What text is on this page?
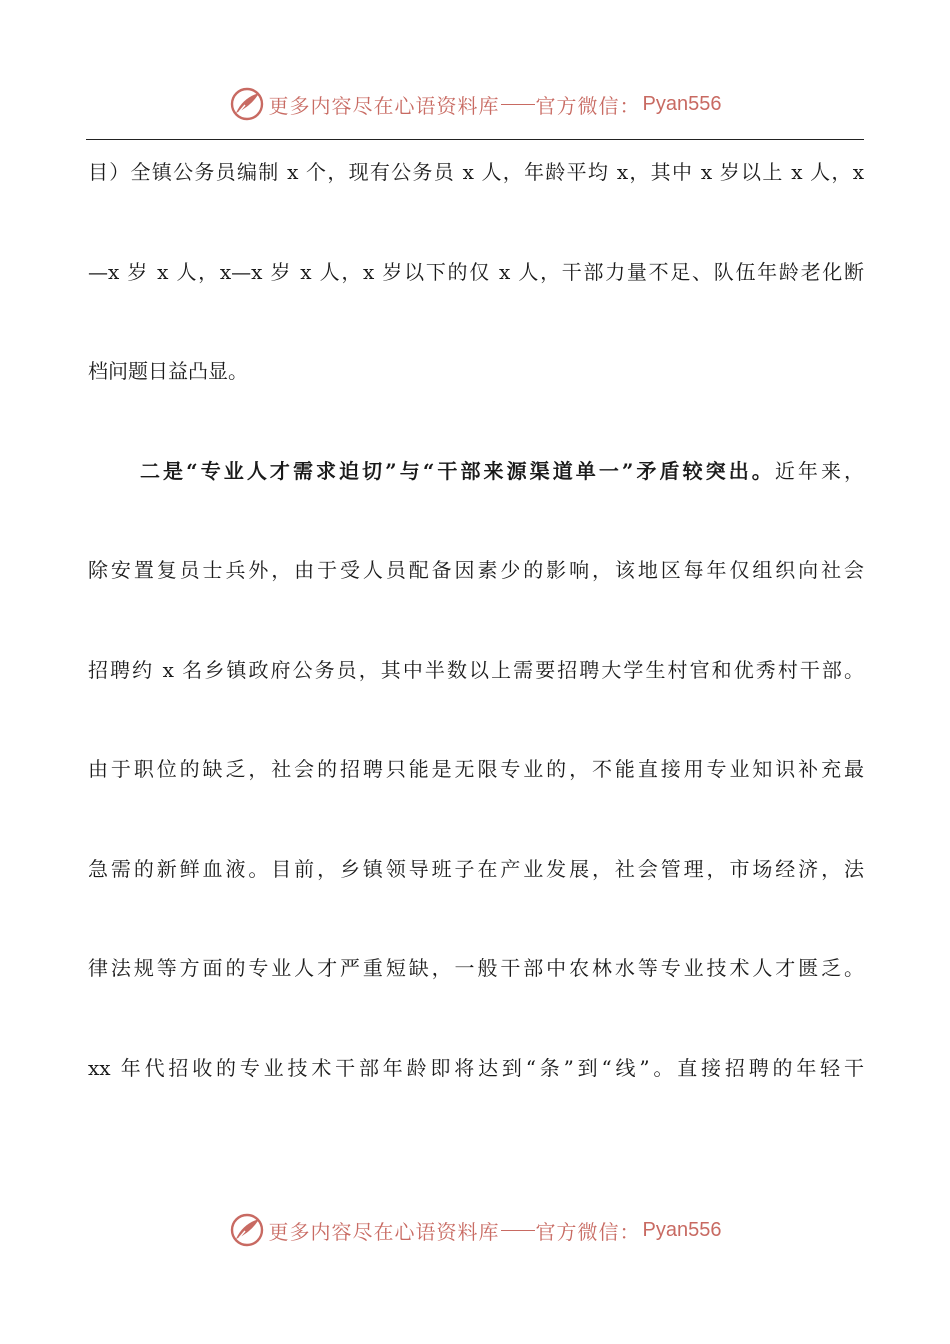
更多内容尽在心语资料库 官方微信： Pyan556
目）全镇公务员编制 x 个，现有公务员 x 人，年龄平均 x，其中 x 岁以上 x 人，x
—x 岁 x 人，x—x 岁 x 人，x 岁以下的仅 x 人，干部力量不足、队伍年龄老化断
档问题日益凸显。
二是“专业人才需求迫切”与“干部来源渠道单一”矛盾较突出。近年来，
除安置复员士兵外，由于受人员配备因素少的影响，该地区每年仅组织向社会
招聘约 x 名乡镇政府公务员，其中半数以上需要招聘大学生村官和优秀村干部。
由于职位的缺乏，社会的招聘只能是无限专业的，不能直接用专业知识补充最
急需的新鲜血液。目前，乡镇领导班子在产业发展，社会管理，市场经济，法
律法规等方面的专业人才严重短缺，一般干部中农林水等专业技术人才匮乏。
xx 年代招收的专业技术干部年龄即将达到“条”到“线”。直接招聘的年轻干
更多内容尽在心语资料库 官方微信： Pyan556
